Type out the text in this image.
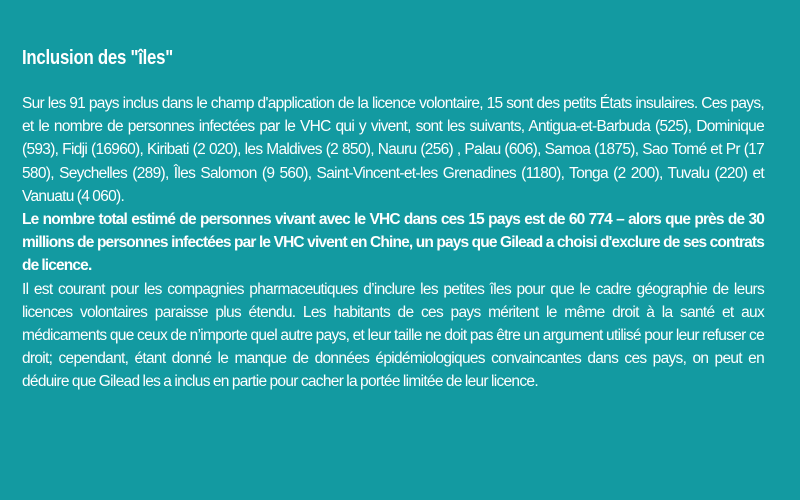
Inclusion des "îles"

Sur les 91 pays inclus dans le champ d'application de la licence volontaire, 15 sont des petits États insulaires. Ces pays, et le nombre de personnes infectées par le VHC qui y vivent, sont les suivants, Antigua-et-Barbuda (525), Dominique (593), Fidji (16960), Kiribati (2 020), les Maldives (2 850), Nauru (256) , Palau (606), Samoa (1875), Sao Tomé et Pr (17 580), Seychelles (289), Îles Salomon (9 560), Saint-Vincent-et-les Grenadines (1180), Tonga (2 200), Tuvalu (220) et Vanuatu (4 060).

Le nombre total estimé de personnes vivant avec le VHC dans ces 15 pays est de 60 774 – alors que près de 30 millions de personnes infectées par le VHC vivent en Chine, un pays que Gilead a choisi d'exclure de ses contrats de licence.

Il est courant pour les compagnies pharmaceutiques d’inclure les petites îles pour que le cadre géographie de leurs licences volontaires paraisse plus étendu. Les habitants de ces pays méritent le même droit à la santé et aux médicaments que ceux de n’importe quel autre pays, et leur taille ne doit pas être un argument utilisé pour leur refuser ce droit; cependant, étant donné le manque de données épidémiologiques convaincantes dans ces pays, on peut en déduire que Gilead les a inclus en partie pour cacher la portée limitée de leur licence.
